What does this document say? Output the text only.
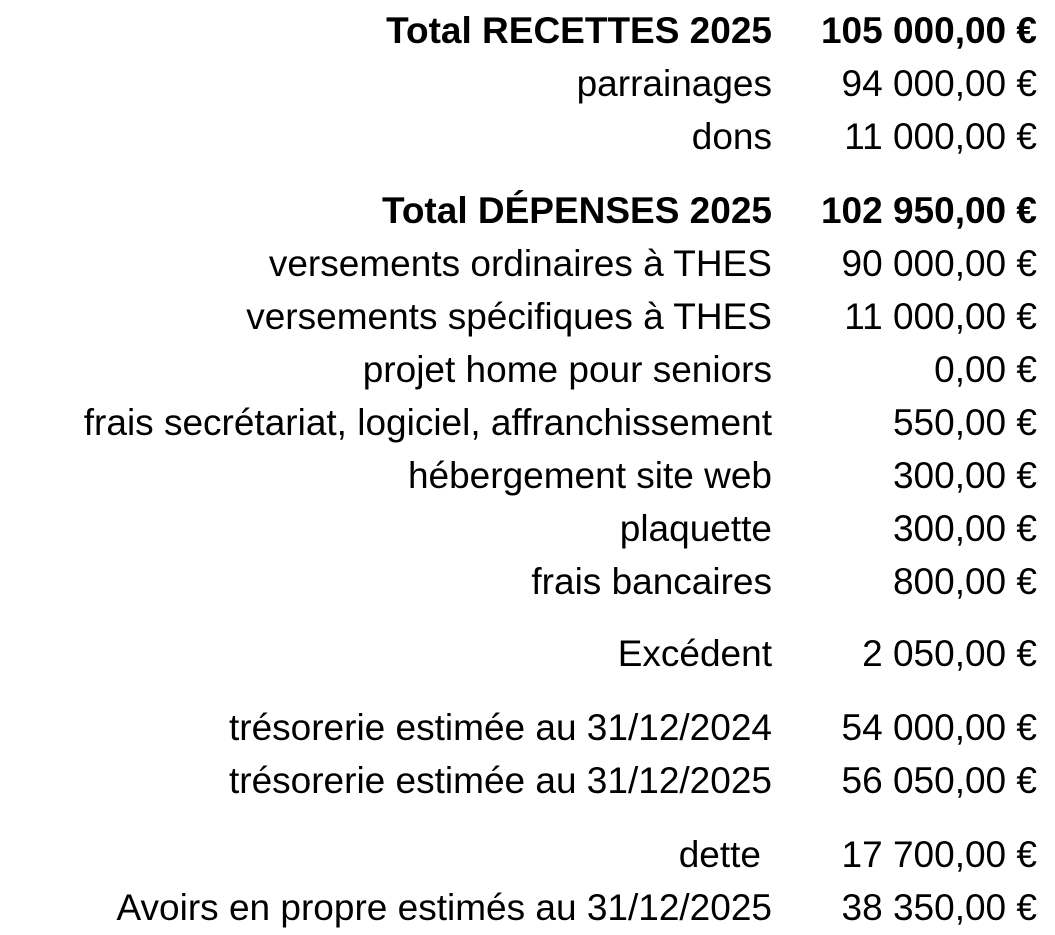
Total RECETTES 2025 105 000,00 €
parrainages 94 000,00 €
dons 11 000,00 €
Total DÉPENSES 2025 102 950,00 €
versements ordinaires à THES 90 000,00 €
versements spécifiques à THES 11 000,00 €
projet home pour seniors	0,00 €
frais secrétariat, logiciel, affranchissement	550,00 €
hébergement site web	300,00 €
plaquette	300,00 €
frais bancaires	800,00 €
Excédent 2 050,00 €
trésorerie estimée au 31/12/2024 54 000,00 €
trésorerie estimée au 31/12/2025 56 050,00 €
dette 17 700,00 €
Avoirs en propre estimés au 31/12/2025 38 350,00 €
